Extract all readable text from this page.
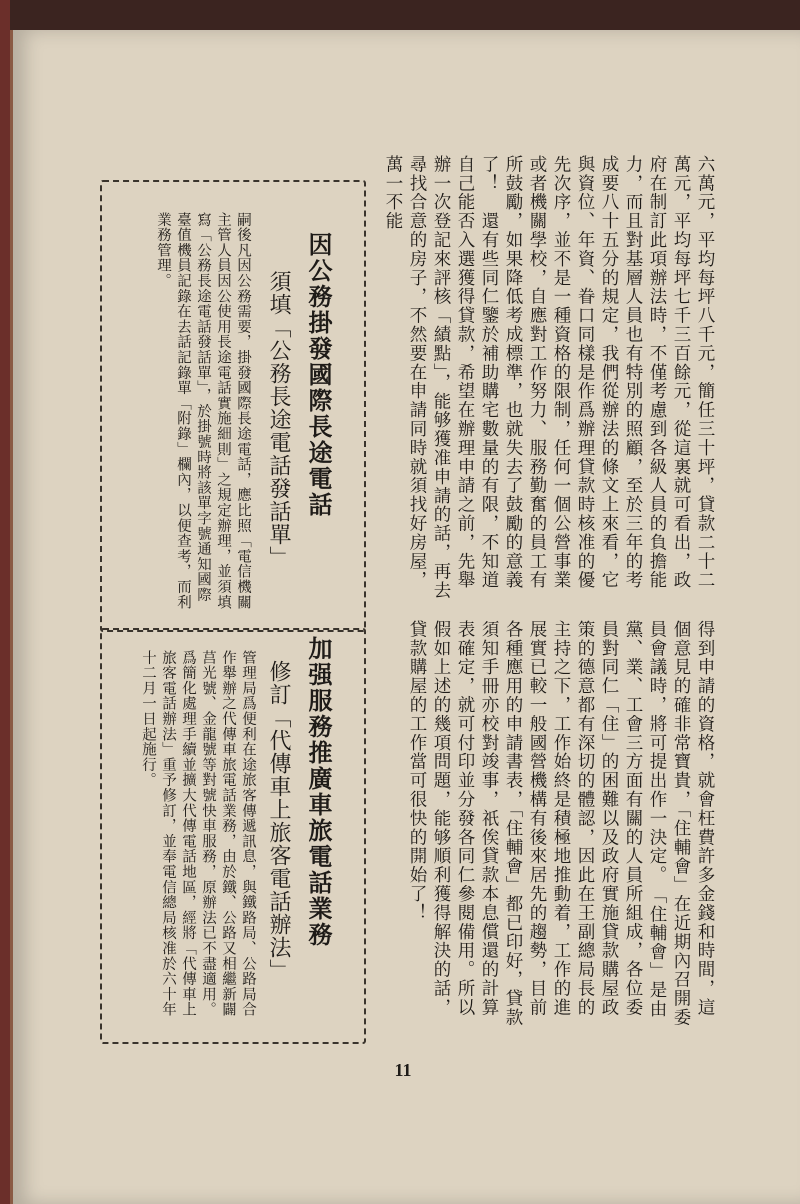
六萬元，平均每坪八千元，簡任三十坪，貸款二十二萬元，平均每坪七千三百餘元，從這裏就可看出，政府在制訂此項辦法時，不僅考慮到各級人員的負擔能力，而且對基層人員也有特別的照顧，至於三年的考成要八十五分的規定，我們從辦法的條文上來看，它與資位、年資、眷口同樣是作爲辦理貸款時核准的優先次序，並不是一種資格的限制，任何一個公營事業或者機關學校，自應對工作努力、服務勤奮的員工有所鼓勵，如果降低考成標準，也就失去了鼓勵的意義了！　還有些同仁鑒於補助購宅數量的有限，不知道自己能否入選獲得貸款，希望在辦理申請之前，先舉辦一次登記來評核「績點」，能够獲准申請的話，再去尋找合意的房子，不然要在申請同時就須找好房屋，萬一不能
得到申請的資格，就會枉費許多金錢和時間，這個意見的確非常寶貴，「住輔會」在近期內召開委員會議時，將可提出作一決定。　「住輔會」是由黨、業、工會三方面有關的人員所組成，各位委員對同仁「住」的困難以及政府實施貸款購屋政策的德意都有深切的體認，因此在王副總局長的主持之下，工作始終是積極地推動着，工作的進展實已較一般國營機構有後來居先的趨勢，目前各種應用的申請書表，「住輔會」都已印好，貸款須知手冊亦校對竣事，祇俟貸款本息償還的計算表確定，就可付印並分發各同仁參閱備用。所以假如上述的幾項問題，能够順利獲得解決的話，貸款購屋的工作當可很快的開始了！
因公務掛發國際長途電話
須填「公務長途電話發話單」
嗣後凡因公務需要，掛發國際長途電話，應比照「電信機關主管人員因公使用長途電話實施細則」之規定辦理，並須填寫「公務長途電話發話單」，於掛號時將該單字號通知國際臺值機員記錄在去話記錄單「附錄」欄內，以便查考，而利業務管理。
加强服務推廣車旅電話業務
修訂「代傳車上旅客電話辦法」
管理局爲便利在途旅客傳遞訊息，與鐵路局、公路局合作舉辦之代傳車旅電話業務，由於鐵、公路又相繼新闢莒光號、金龍號等對號快車服務，原辦法已不盡適用。爲簡化處理手續並擴大代傳電話地區，經將「代傳車上旅客電話辦法」重予修訂，並奉電信總局核准於六十年十二月一日起施行。
11
